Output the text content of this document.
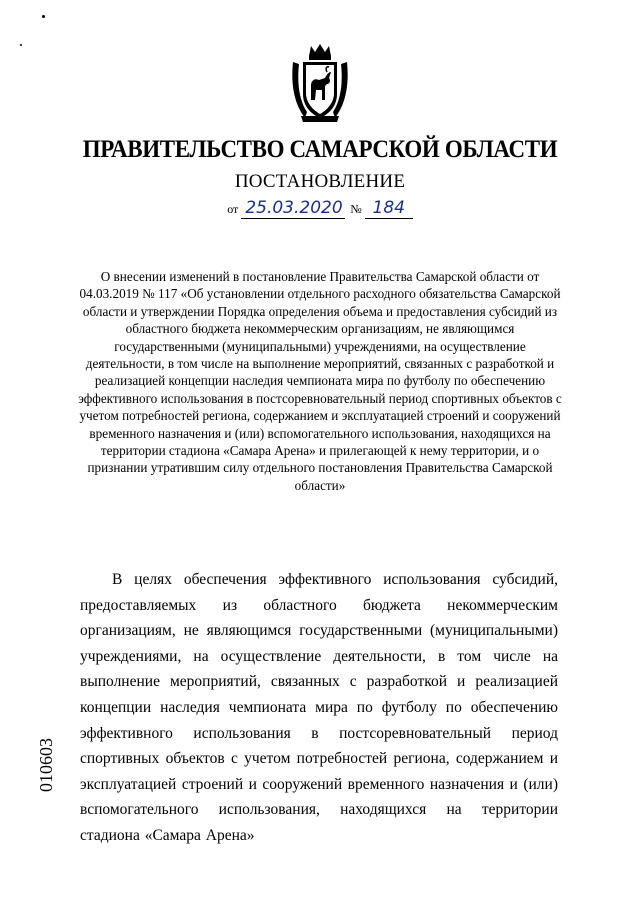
ПРАВИТЕЛЬСТВО САМАРСКОЙ ОБЛАСТИ
ПОСТАНОВЛЕНИЕ
от 25.03.2020 № 184
О внесении изменений в постановление Правительства Самарской области от 04.03.2019 № 117 «Об установлении отдельного расходного обязательства Самарской области и утверждении Порядка определения объема и предоставления субсидий из областного бюджета некоммерческим организациям, не являющимся государственными (муниципальными) учреждениями, на осуществление деятельности, в том числе на выполнение мероприятий, связанных с разработкой и реализацией концепции наследия чемпионата мира по футболу по обеспечению эффективного использования в постсоревновательный период спортивных объектов с учетом потребностей региона, содержанием и эксплуатацией строений и сооружений временного назначения и (или) вспомогательного использования, находящихся на территории стадиона «Самара Арена» и прилегающей к нему территории, и о признании утратившим силу отдельного постановления Правительства Самарской области»
В целях обеспечения эффективного использования субсидий, предоставляемых из областного бюджета некоммерческим организациям, не являющимся государственными (муниципальными) учреждениями, на осуществление деятельности, в том числе на выполнение мероприятий, связанных с разработкой и реализацией концепции наследия чемпионата мира по футболу по обеспечению эффективного использования в постсоревновательный период спортивных объектов с учетом потребностей региона, содержанием и эксплуатацией строений и сооружений временного назначения и (или) вспомогательного использования, находящихся на территории стадиона «Самара Арена»
010603
